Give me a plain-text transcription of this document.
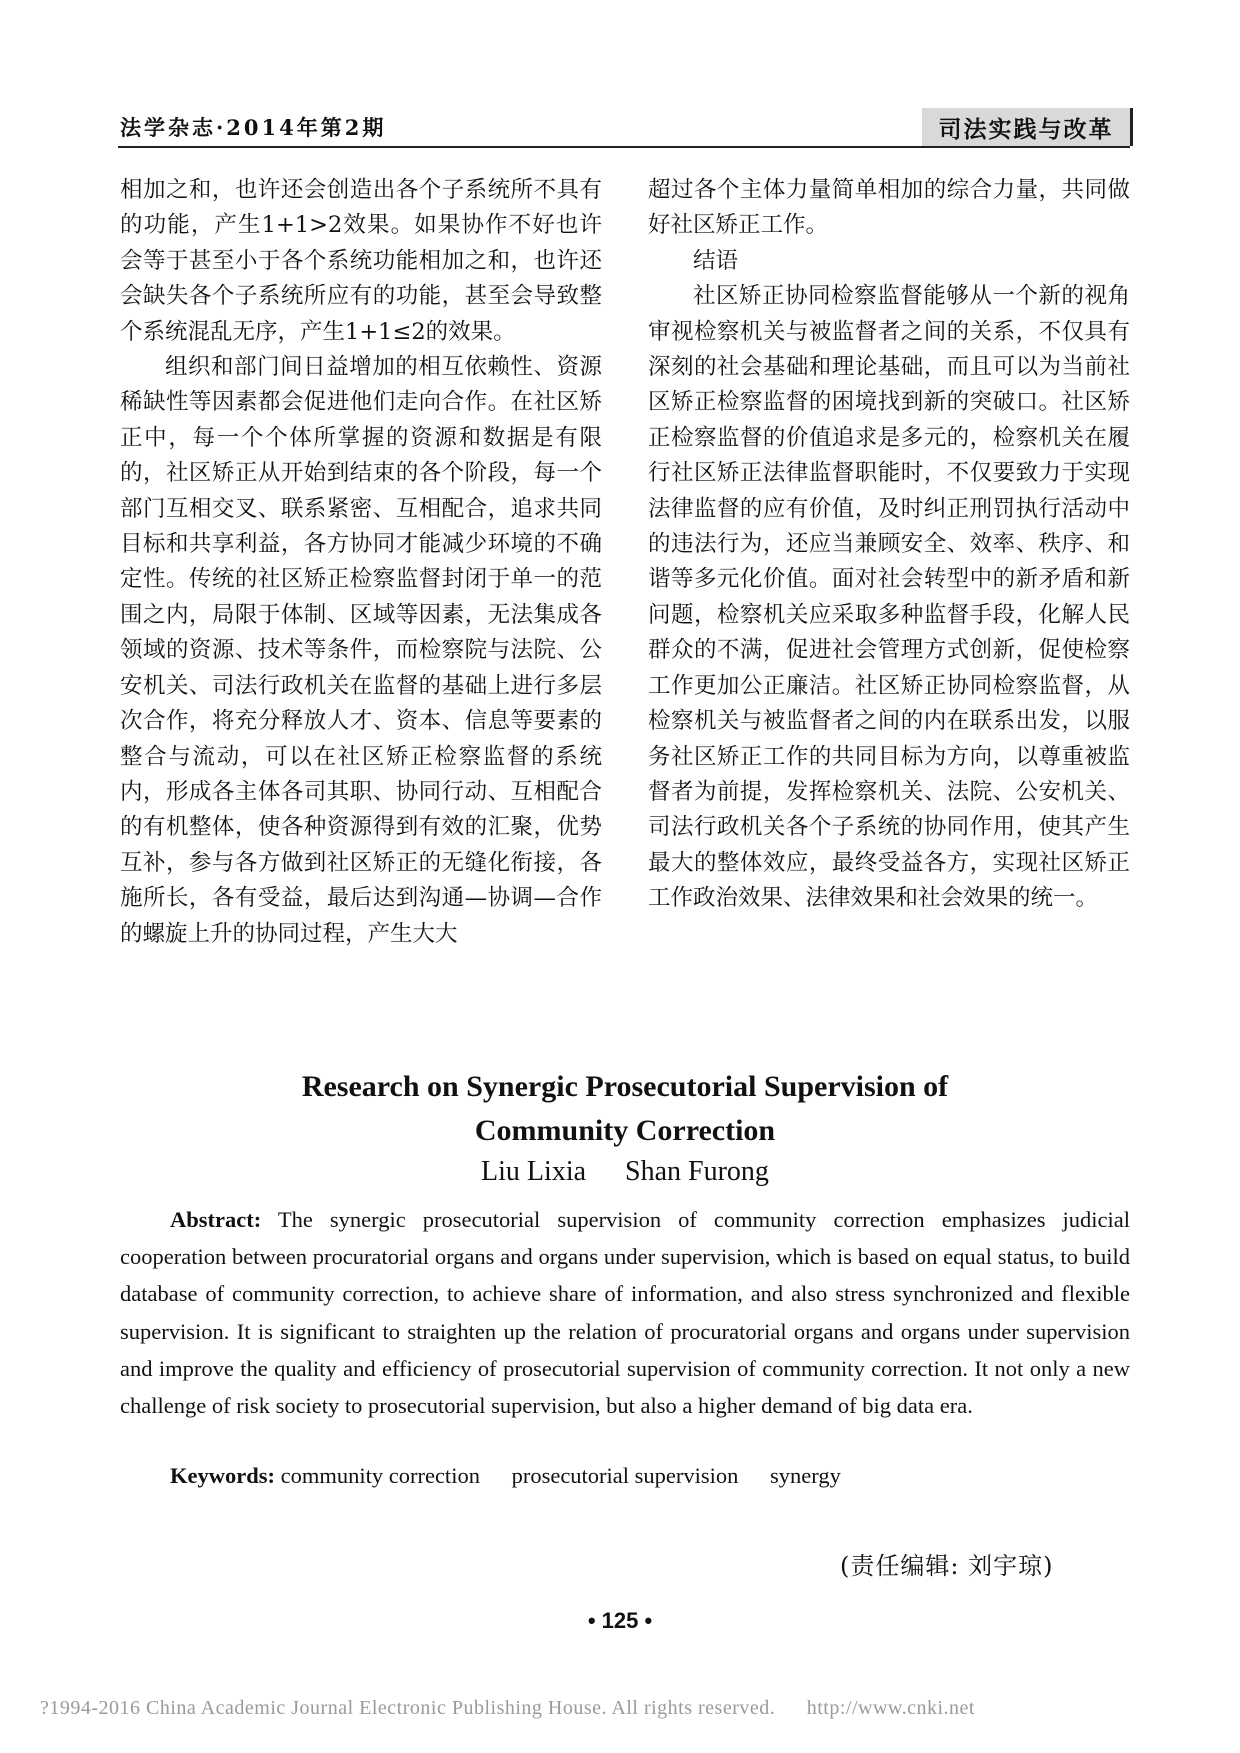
法学杂志·2014年第2期	司法实践与改革

相加之和，也许还会创造出各个子系统所不具有的功能，产生1+1>2效果。如果协作不好也许会等于甚至小于各个系统功能相加之和，也许还会缺失各个子系统所应有的功能，甚至会导致整个系统混乱无序，产生1+1≤2的效果。

组织和部门间日益增加的相互依赖性、资源稀缺性等因素都会促进他们走向合作。在社区矫正中，每一个个体所掌握的资源和数据是有限的，社区矫正从开始到结束的各个阶段，每一个部门互相交叉、联系紧密、互相配合，追求共同目标和共享利益，各方协同才能减少环境的不确定性。传统的社区矫正检察监督封闭于单一的范围之内，局限于体制、区域等因素，无法集成各领域的资源、技术等条件，而检察院与法院、公安机关、司法行政机关在监督的基础上进行多层次合作，将充分释放人才、资本、信息等要素的整合与流动，可以在社区矫正检察监督的系统内，形成各主体各司其职、协同行动、互相配合的有机整体，使各种资源得到有效的汇聚，优势互补，参与各方做到社区矫正的无缝化衔接，各施所长，各有受益，最后达到沟通—协调—合作的螺旋上升的协同过程，产生大大

超过各个主体力量简单相加的综合力量，共同做好社区矫正工作。

结语

社区矫正协同检察监督能够从一个新的视角审视检察机关与被监督者之间的关系，不仅具有深刻的社会基础和理论基础，而且可以为当前社区矫正检察监督的困境找到新的突破口。社区矫正检察监督的价值追求是多元的，检察机关在履行社区矫正法律监督职能时，不仅要致力于实现法律监督的应有价值，及时纠正刑罚执行活动中的违法行为，还应当兼顾安全、效率、秩序、和谐等多元化价值。面对社会转型中的新矛盾和新问题，检察机关应采取多种监督手段，化解人民群众的不满，促进社会管理方式创新，促使检察工作更加公正廉洁。社区矫正协同检察监督，从检察机关与被监督者之间的内在联系出发，以服务社区矫正工作的共同目标为方向，以尊重被监督者为前提，发挥检察机关、法院、公安机关、司法行政机关各个子系统的协同作用，使其产生最大的整体效应，最终受益各方，实现社区矫正工作政治效果、法律效果和社会效果的统一。

Research on Synergic Prosecutorial Supervision of
Community Correction
Liu Lixia Shan Furong

Abstract: The synergic prosecutorial supervision of community correction emphasizes judicial cooperation between procuratorial organs and organs under supervision, which is based on equal status, to build database of community correction, to achieve share of information, and also stress synchronized and flexible supervision. It is significant to straighten up the relation of procuratorial organs and organs under supervision and improve the quality and efficiency of prosecutorial supervision of community correction. It not only a new challenge of risk society to prosecutorial supervision, but also a higher demand of big data era.

Keywords: community correction prosecutorial supervision synergy
(责任编辑: 刘宇琼)
• 125 •
?1994-2016 China Academic Journal Electronic Publishing House. All rights reserved. http://www.cnki.net
